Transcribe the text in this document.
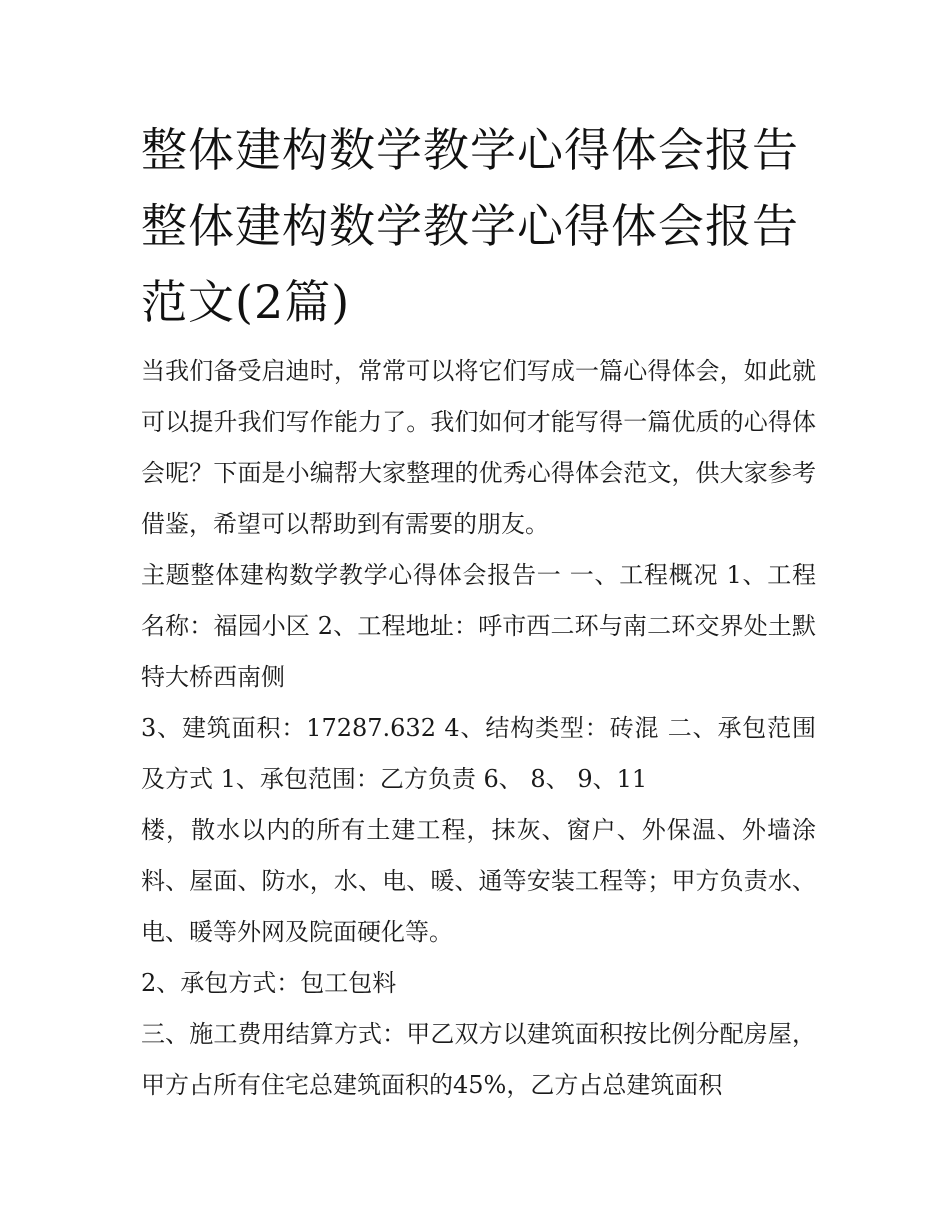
整体建构数学教学心得体会报告 整体建构数学教学心得体会报告范文(2篇)

当我们备受启迪时，常常可以将它们写成一篇心得体会，如此就可以提升我们写作能力了。我们如何才能写得一篇优质的心得体会呢？下面是小编帮大家整理的优秀心得体会范文，供大家参考借鉴，希望可以帮助到有需要的朋友。

主题整体建构数学教学心得体会报告一 一、工程概况 1、工程名称：福园小区 2、工程地址：呼市西二环与南二环交界处土默特大桥西南侧

3、建筑面积：17287.632 4、结构类型：砖混 二、承包范围及方式 1、承包范围：乙方负责 6、 8、 9、11

楼，散水以内的所有土建工程，抹灰、窗户、外保温、外墙涂料、屋面、防水，水、电、暖、通等安装工程等；甲方负责水、电、暖等外网及院面硬化等。

2、承包方式：包工包料

三、施工费用结算方式：甲乙双方以建筑面积按比例分配房屋，甲方占所有住宅总建筑面积的45%，乙方占总建筑面积
